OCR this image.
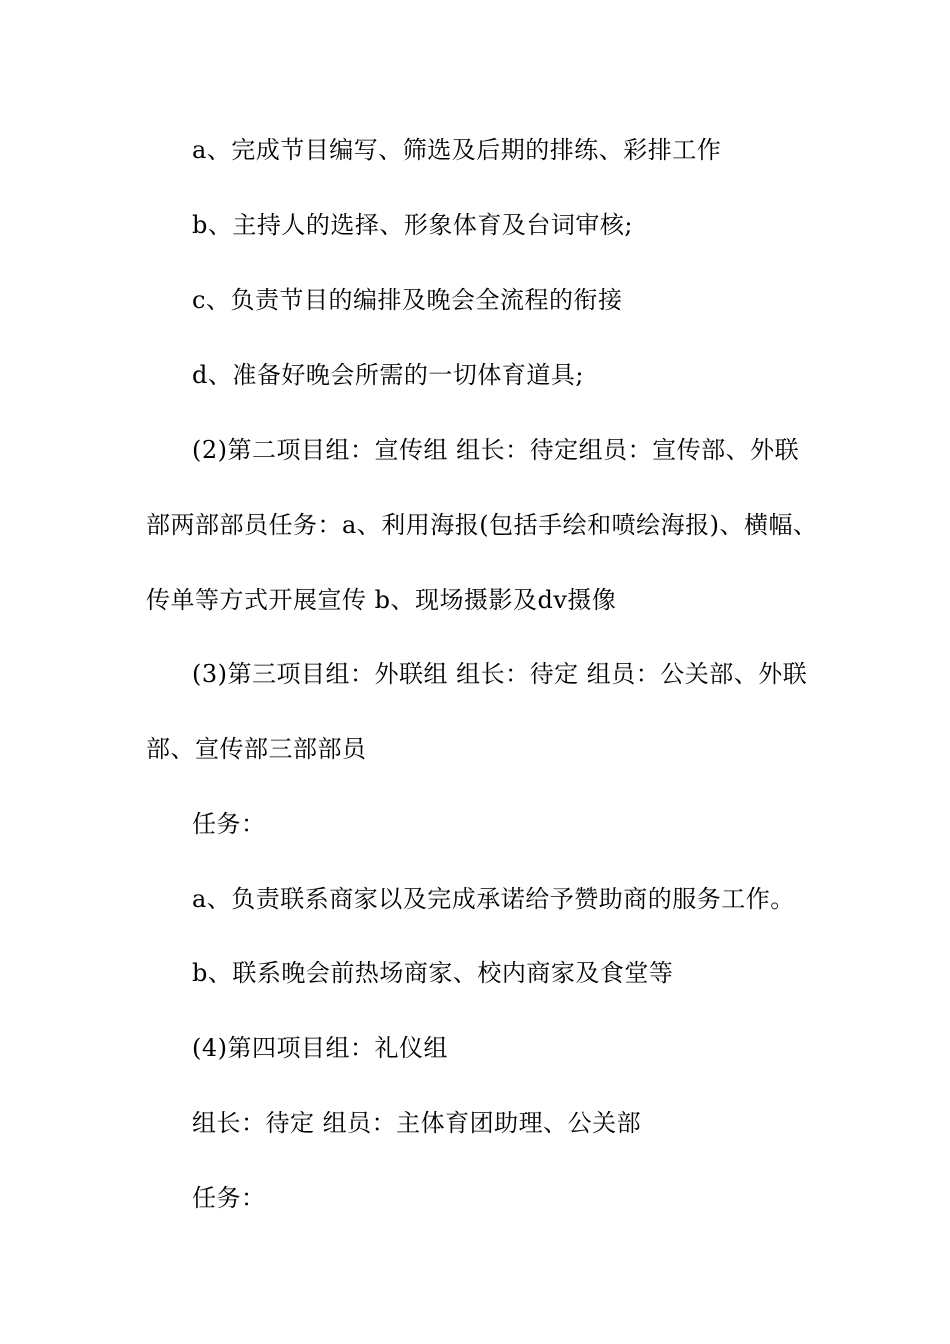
a、完成节目编写、筛选及后期的排练、彩排工作
b、主持人的选择、形象体育及台词审核;
c、负责节目的编排及晚会全流程的衔接
d、准备好晚会所需的一切体育道具;
(2)第二项目组：宣传组 组长：待定组员：宣传部、外联
部两部部员任务：a、利用海报(包括手绘和喷绘海报)、横幅、
传单等方式开展宣传 b、现场摄影及dv摄像
(3)第三项目组：外联组 组长：待定 组员：公关部、外联
部、宣传部三部部员
任务：
a、负责联系商家以及完成承诺给予赞助商的服务工作。
b、联系晚会前热场商家、校内商家及食堂等
(4)第四项目组：礼仪组
组长：待定 组员：主体育团助理、公关部
任务：
